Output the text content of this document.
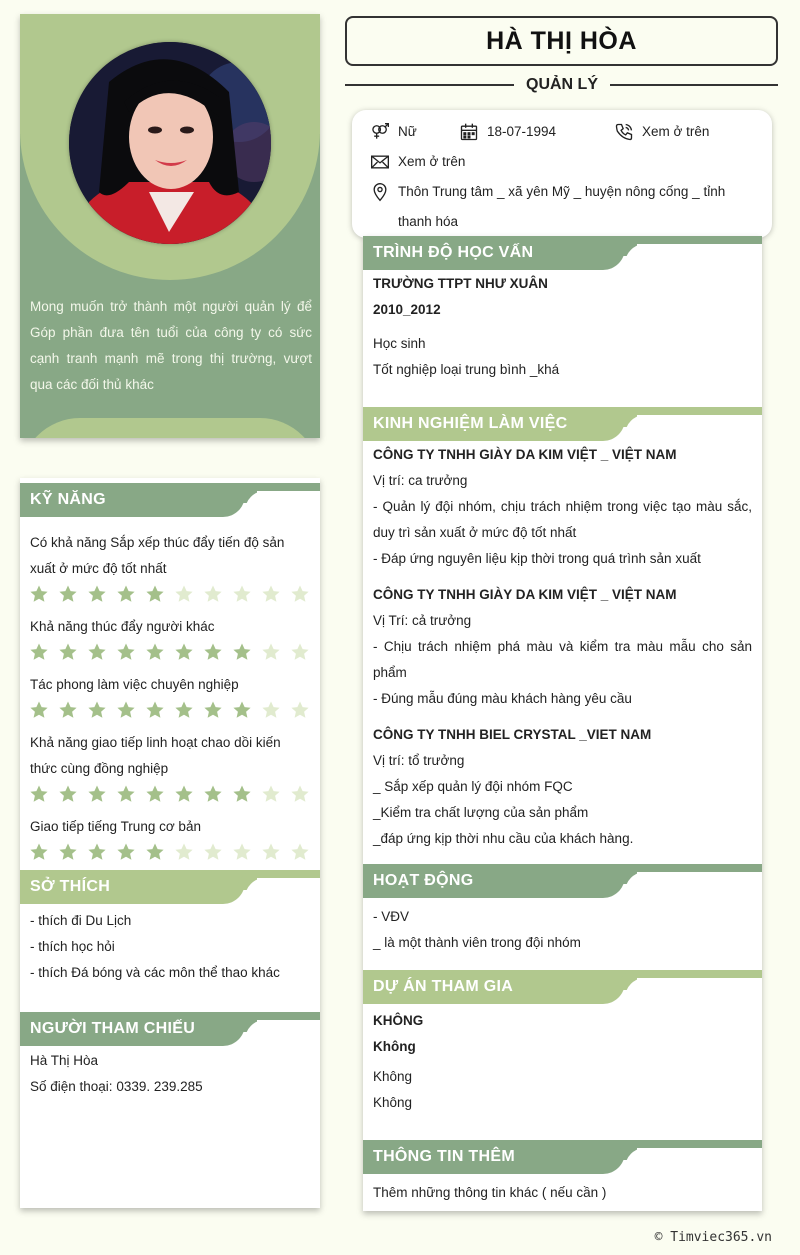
Mong muốn trở thành một người quản lý để Góp phần đưa tên tuổi của công ty có sức cạnh tranh mạnh mẽ trong thị trường, vượt qua các đối thủ khác
KỸ NĂNG
Có khả năng Sắp xếp thúc đẩy tiến độ sản xuất ở mức độ tốt nhất
Khả năng thúc đẩy người khác
Tác phong làm việc chuyên nghiệp
Khả năng giao tiếp linh hoạt chao dồi kiến thức cùng đồng nghiệp
Giao tiếp tiếng Trung cơ bản
SỞ THÍCH
- thích đi Du Lịch
- thích học hỏi
- thích Đá bóng và các môn thể thao khác
NGƯỜI THAM CHIẾU
Hà Thị Hòa
Số điện thoại: 0339. 239.285
HÀ THỊ HÒA
QUẢN LÝ
Nữ	18-07-1994	Xem ở trên
Xem ở trên
Thôn Trung tâm _ xã yên Mỹ _ huyện nông cống _ tỉnh thanh hóa
TRÌNH ĐỘ HỌC VẤN
TRƯỜNG TTPT NHƯ XUÂN
2010_2012
Học sinh
Tốt nghiệp loại trung bình _khá
KINH NGHIỆM LÀM VIỆC
CÔNG TY TNHH GIÀY DA KIM VIỆT _ VIỆT NAM
Vị trí: ca trưởng
- Quản lý đội nhóm, chịu trách nhiệm trong việc tạo màu sắc, duy trì sản xuất ở mức độ tốt nhất
- Đáp ứng nguyên liệu kịp thời trong quá trình sản xuất
CÔNG TY TNHH GIÀY DA KIM VIỆT _ VIỆT NAM
Vị Trí: cả trưởng
- Chịu trách nhiệm phá màu và kiểm tra màu mẫu cho sản phẩm
- Đúng mẫu đúng màu khách hàng yêu cầu
CÔNG TY TNHH BIEL CRYSTAL _VIET NAM
Vị trí: tổ trưởng
_ Sắp xếp quản lý đội nhóm FQC
_Kiểm tra chất lượng của sản phẩm
_đáp ứng kịp thời nhu cầu của khách hàng.
HOẠT ĐỘNG
- VĐV
_ là một thành viên trong đội nhóm
DỰ ÁN THAM GIA
KHÔNG
Không
Không
Không
THÔNG TIN THÊM
Thêm những thông tin khác ( nếu cần )
© Timviec365.vn
